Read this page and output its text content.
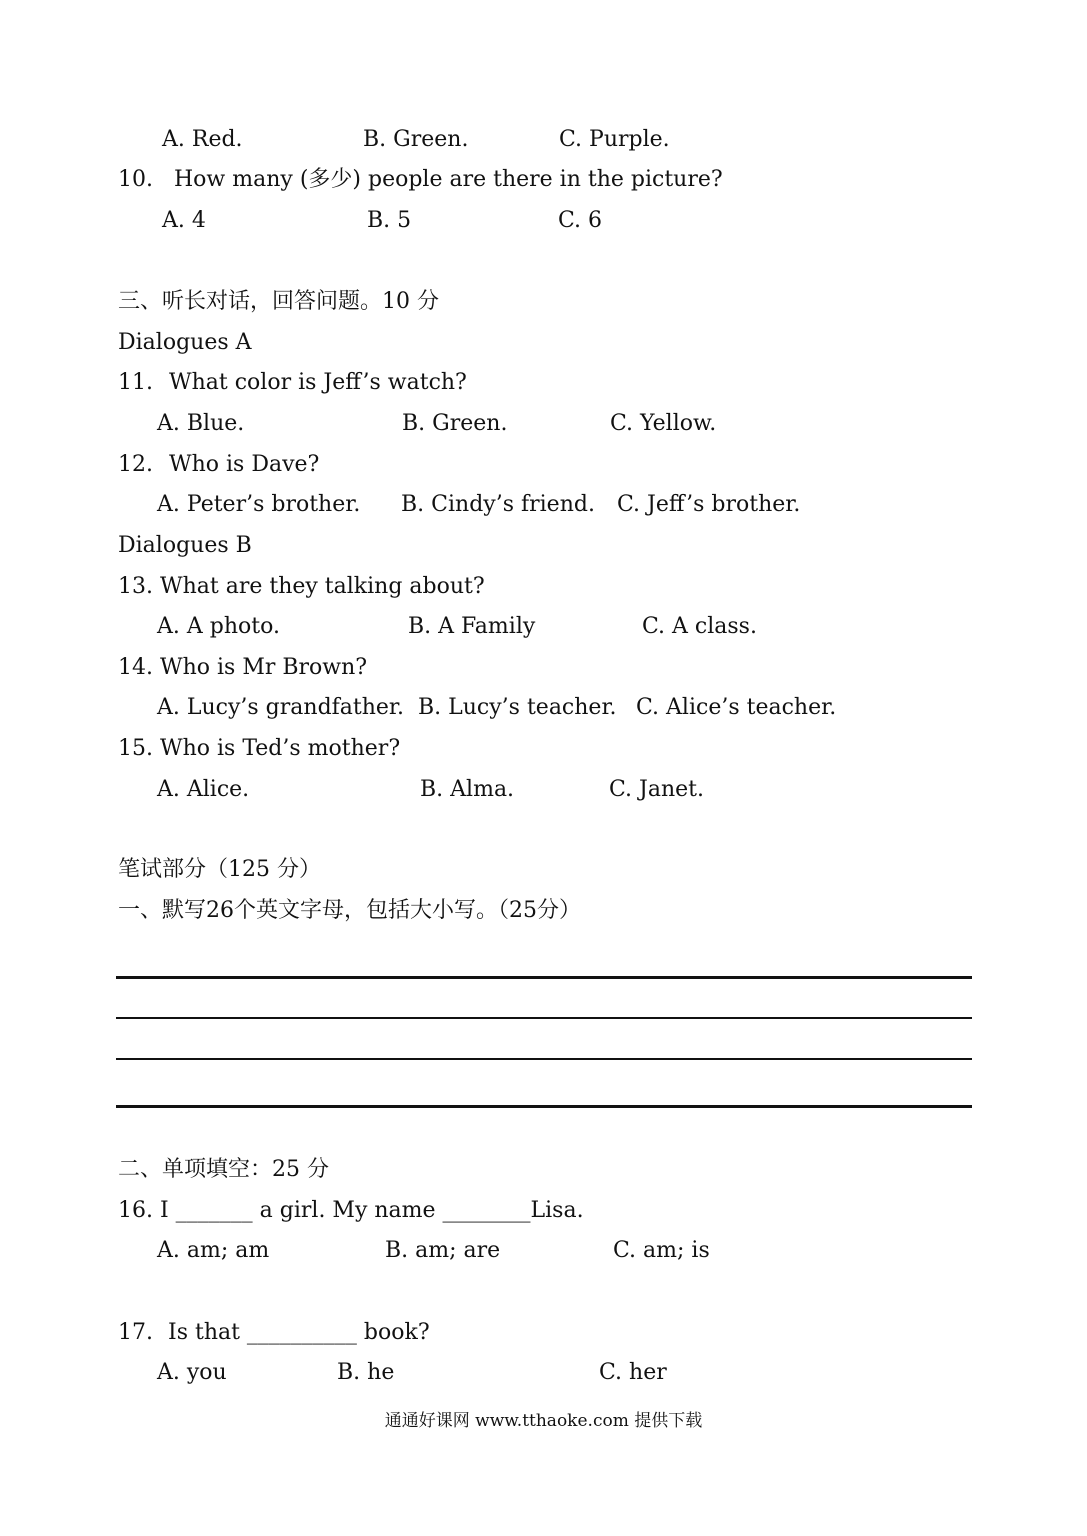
A. Red.	B. Green.	C. Purple.
10. How many (多少) people are there in the picture?
A. 4	B. 5	C. 6
三、听长对话，回答问题。10 分
Dialogues A
11. What color is Jeff’s watch?
A. Blue.	B. Green.	C. Yellow.
12. Who is Dave?
A. Peter’s brother. B. Cindy’s friend. C. Jeff’s brother.
Dialogues B
13. What are they talking about?
A. A photo.	B. A Family	C. A class.
14. Who is Mr Brown?
A. Lucy’s grandfather. B. Lucy’s teacher. C. Alice’s teacher.
15. Who is Ted’s mother?
A. Alice.	B. Alma.	C. Janet.
笔试部分（125 分）
一、默写26个英文字母，包括大小写。（25分）
二、单项填空：25 分
16. I _______ a girl. My name ________Lisa.
A. am; am	B. am; are	C. am; is
17. Is that __________ book?
A. you	B. he	C. her
通通好课网 www.tthaoke.com 提供下载
